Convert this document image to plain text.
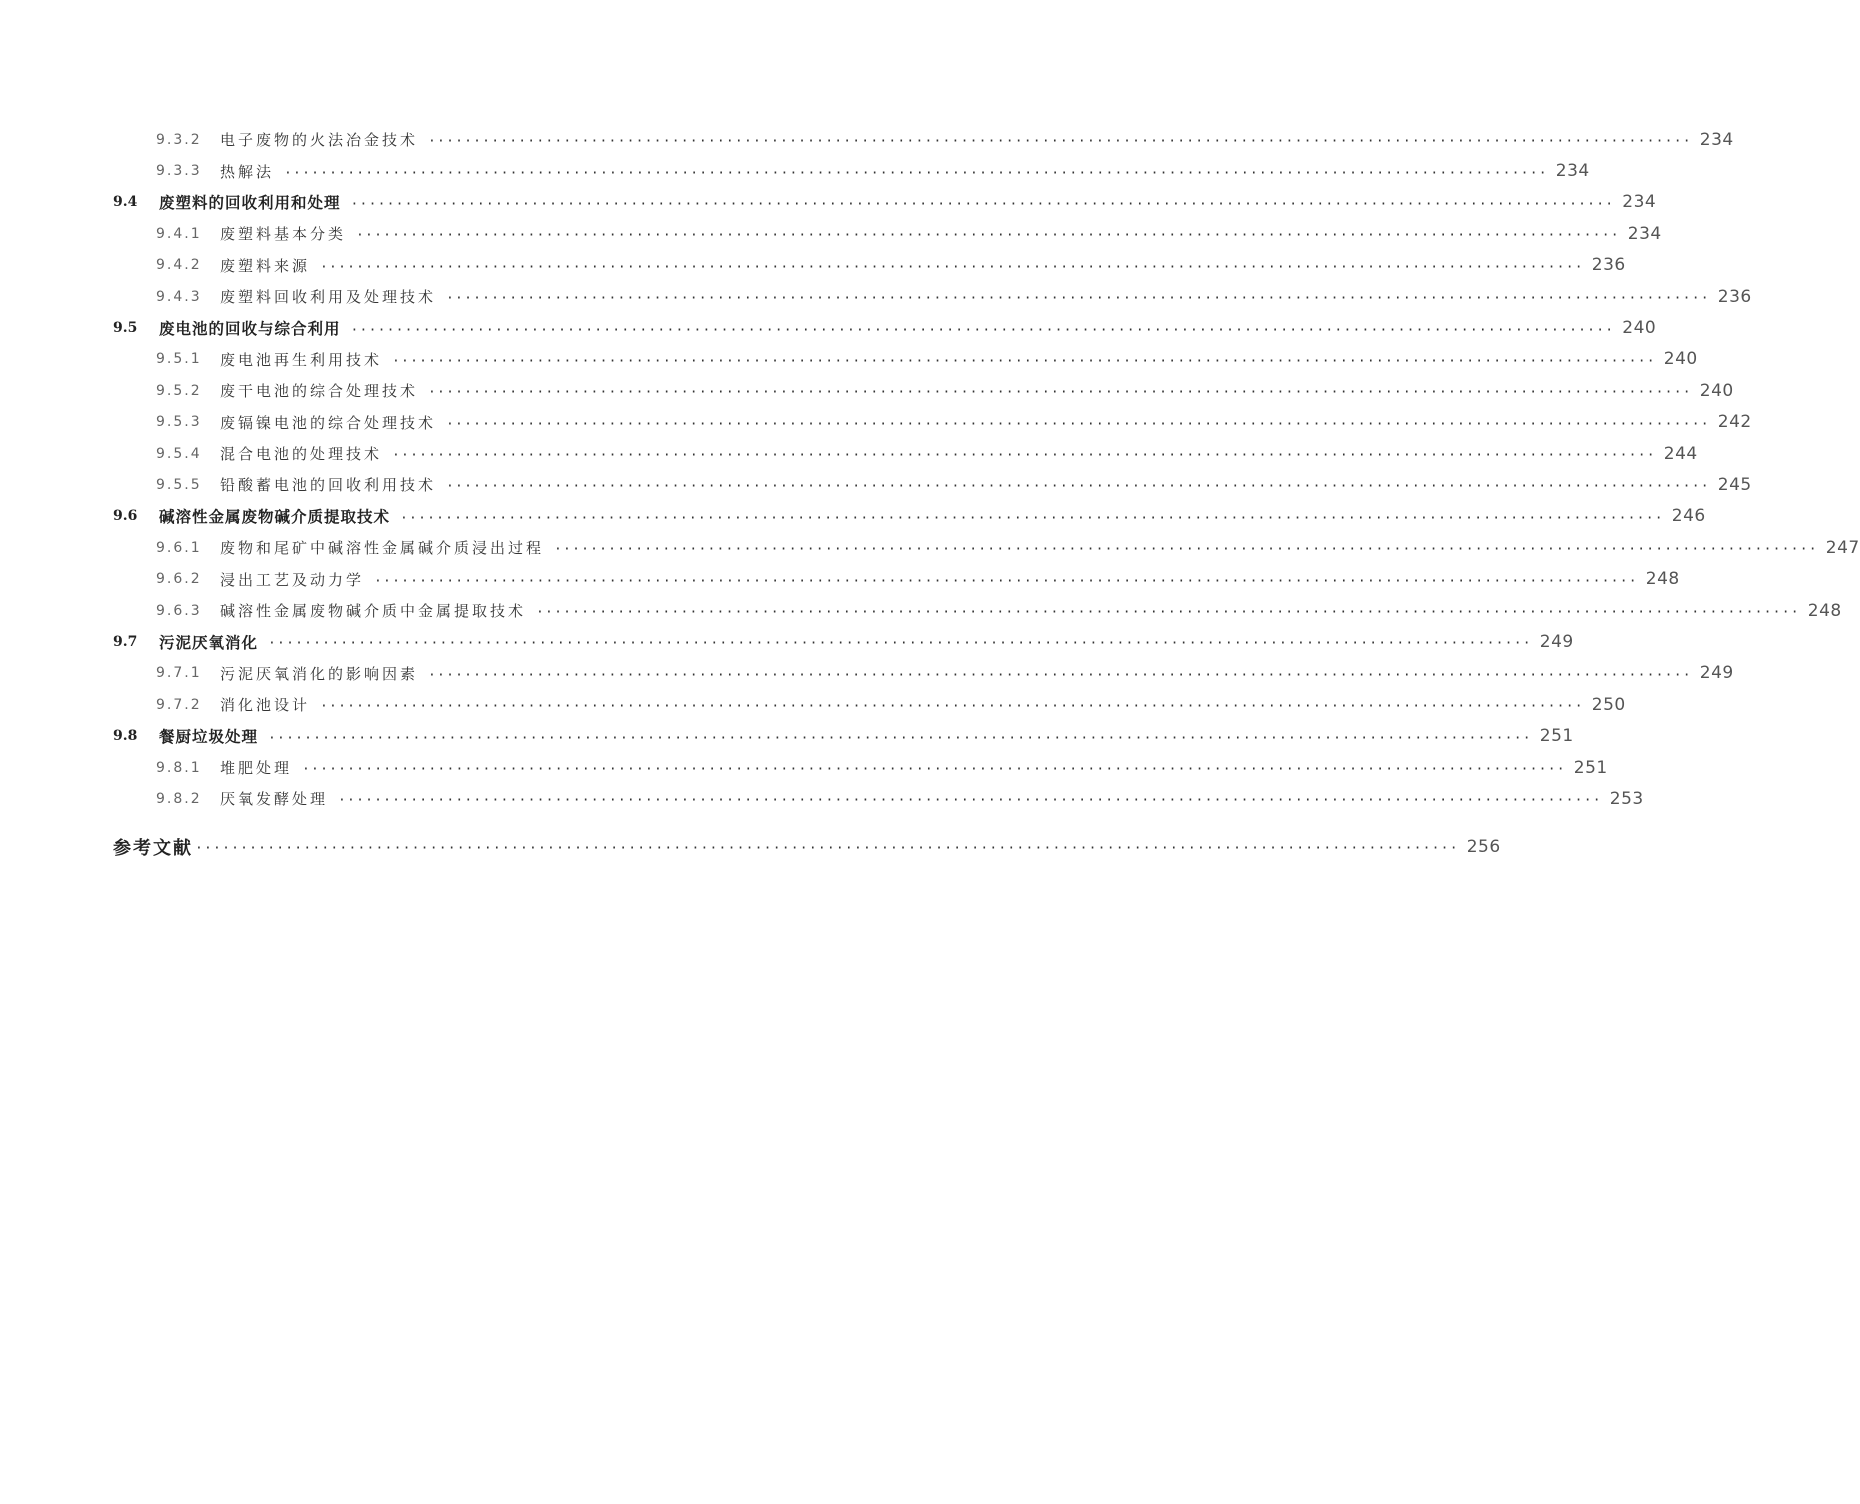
9.3.2	电子废物的火法冶金技术 ············································································································································ 234
9.3.3	热解法 ············································································································································ 234
9.4	废塑料的回收利用和处理 ············································································································································ 234
9.4.1	废塑料基本分类 ············································································································································ 234
9.4.2	废塑料来源 ············································································································································ 236
9.4.3	废塑料回收利用及处理技术 ············································································································································ 236
9.5	废电池的回收与综合利用 ············································································································································ 240
9.5.1	废电池再生利用技术 ············································································································································ 240
9.5.2	废干电池的综合处理技术 ············································································································································ 240
9.5.3	废镉镍电池的综合处理技术 ············································································································································ 242
9.5.4	混合电池的处理技术 ············································································································································ 244
9.5.5	铅酸蓄电池的回收利用技术 ············································································································································ 245
9.6	碱溶性金属废物碱介质提取技术 ············································································································································ 246
9.6.1	废物和尾矿中碱溶性金属碱介质浸出过程 ············································································································································ 247
9.6.2	浸出工艺及动力学 ············································································································································ 248
9.6.3	碱溶性金属废物碱介质中金属提取技术 ············································································································································ 248
9.7	污泥厌氧消化 ············································································································································ 249
9.7.1	污泥厌氧消化的影响因素 ············································································································································ 249
9.7.2	消化池设计 ············································································································································ 250
9.8	餐厨垃圾处理 ············································································································································ 251
9.8.1	堆肥处理 ············································································································································ 251
9.8.2	厌氧发酵处理 ············································································································································ 253
参考文献 ············································································································································ 256
